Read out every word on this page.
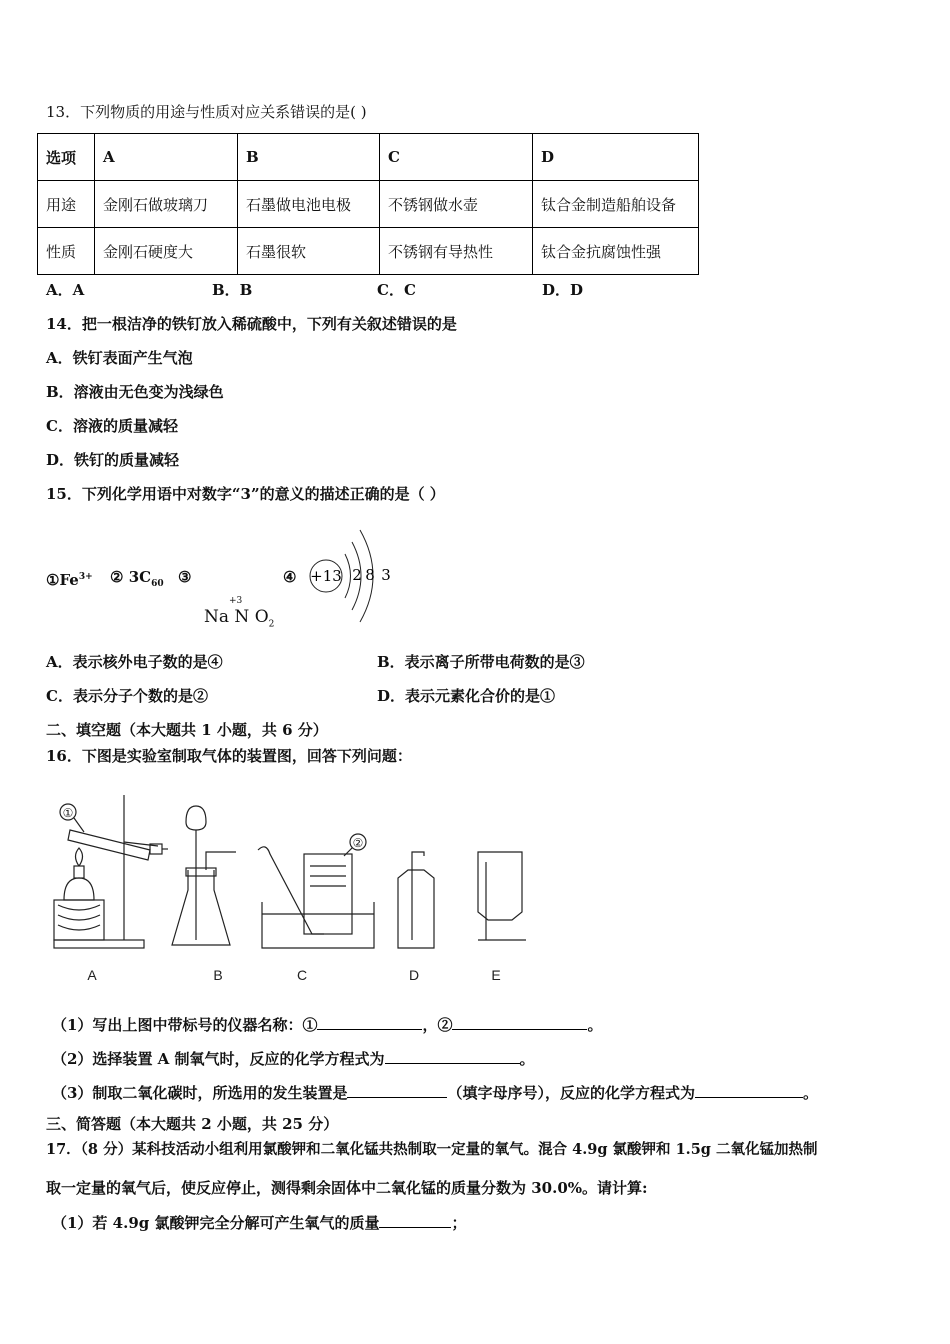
13．下列物质的用途与性质对应关系错误的是( )
选项	A	B	C	D
用途	金刚石做玻璃刀	石墨做电池电极	不锈钢做水壶	钛合金制造船舶设备
性质	金刚石硬度大	石墨很软	不锈钢有导热性	钛合金抗腐蚀性强
A．A	B．B	C．C	D．D
14．把一根洁净的铁钉放入稀硫酸中，下列有关叙述错误的是
A．铁钉表面产生气泡
B．溶液由无色变为浅绿色
C．溶液的质量减轻
D．铁钉的质量减轻
15．下列化学用语中对数字“3”的意义的描述正确的是（ ）
$①Fe^{3+}$ ② $3C_{60}$ ③
+3
Na N $O_2$
④ +13 2 8 3
A．表示核外电子数的是④	B．表示离子所带电荷数的是③
C．表示分子个数的是②	D．表示元素化合价的是①
二、填空题（本大题共 1 小题，共 6 分）
16．下图是实验室制取气体的装置图，回答下列问题：
①
②
A	B	C	D	E
（1）写出上图中带标号的仪器名称：①	，②	。
（2）选择装置 A 制氧气时，反应的化学方程式为	。
（3）制取二氧化碳时，所选用的发生装置是	（填字母序号），反应的化学方程式为	。
三、简答题（本大题共 2 小题，共 25 分）
17．（8 分）某科技活动小组利用氯酸钾和二氧化锰共热制取一定量的氧气。混合 4.9g 氯酸钾和 1.5g 二氧化锰加热制
取一定量的氧气后，使反应停止，测得剩余固体中二氧化锰的质量分数为 30.0%。请计算:
（1）若 4.9g 氯酸钾完全分解可产生氧气的质量	；
